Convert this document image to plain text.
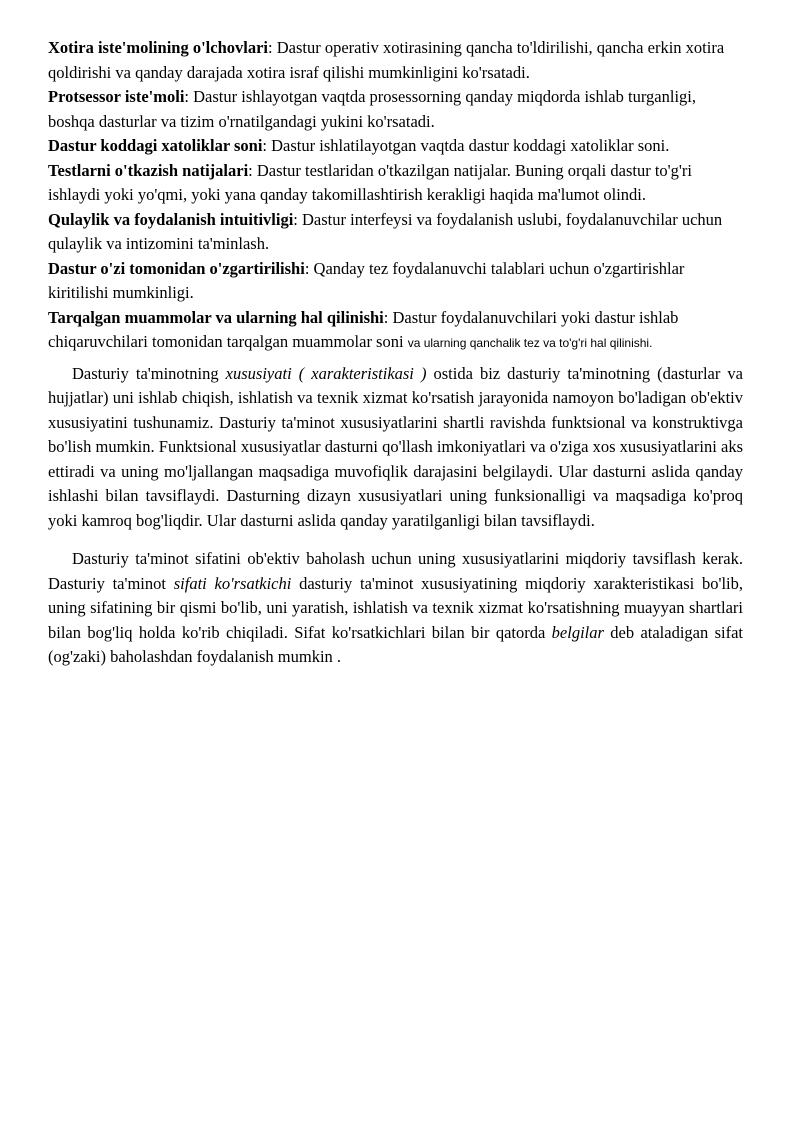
Xotira iste'molining o'lchovlari: Dastur operativ xotirasining qancha to'ldirilishi, qancha erkin xotira qoldirishi va qanday darajada xotira israf qilishi mumkinligini ko'rsatadi.

Protsessor iste'moli: Dastur ishlayotgan vaqtda prosessorning qanday miqdorda ishlab turganligi, boshqa dasturlar va tizim o'rnatilgandagi yukini ko'rsatadi.

Dastur koddagi xatoliklar soni: Dastur ishlatilayotgan vaqtda dastur koddagi xatoliklar soni.

Testlarni o'tkazish natijalari: Dastur testlaridan o'tkazilgan natijalar. Buning orqali dastur to'g'ri ishlaydi yoki yo'qmi, yoki yana qanday takomillashtirish kerakligi haqida ma'lumot olindi.

Qulaylik va foydalanish intuitivligi: Dastur interfeysi va foydalanish uslubi, foydalanuvchilar uchun qulaylik va intizomini ta'minlash.

Dastur o'zi tomonidan o'zgartirilishi: Qanday tez foydalanuvchi talablari uchun o'zgartirishlar kiritilishi mumkinligi.

Tarqalgan muammolar va ularning hal qilinishi: Dastur foydalanuvchilari yoki dastur ishlab chiqaruvchilari tomonidan tarqalgan muammolar soni va ularning qanchalik tez va to'g'ri hal qilinishi.

Dasturiy ta'minotning xususiyati ( xarakteristikasi ) ostida biz dasturiy ta'minotning (dasturlar va hujjatlar) uni ishlab chiqish, ishlatish va texnik xizmat ko'rsatish jarayonida namoyon bo'ladigan ob'ektiv xususiyatini tushunamiz. Dasturiy ta'minot xususiyatlarini shartli ravishda funktsional va konstruktivga bo'lish mumkin. Funktsional xususiyatlar dasturni qo'llash imkoniyatlari va o'ziga xos xususiyatlarini aks ettiradi va uning mo'ljallangan maqsadiga muvofiqlik darajasini belgilaydi. Ular dasturni aslida qanday ishlashi bilan tavsiflaydi. Dasturning dizayn xususiyatlari uning funksionalligi va maqsadiga ko'proq yoki kamroq bog'liqdir. Ular dasturni aslida qanday yaratilganligi bilan tavsiflaydi.

Dasturiy ta'minot sifatini ob'ektiv baholash uchun uning xususiyatlarini miqdoriy tavsiflash kerak. Dasturiy ta'minot sifati ko'rsatkichi dasturiy ta'minot xususiyatining miqdoriy xarakteristikasi bo'lib, uning sifatining bir qismi bo'lib, uni yaratish, ishlatish va texnik xizmat ko'rsatishning muayyan shartlari bilan bog'liq holda ko'rib chiqiladi. Sifat ko'rsatkichlari bilan bir qatorda belgilar deb ataladigan sifat (og'zaki) baholashdan foydalanish mumkin .
